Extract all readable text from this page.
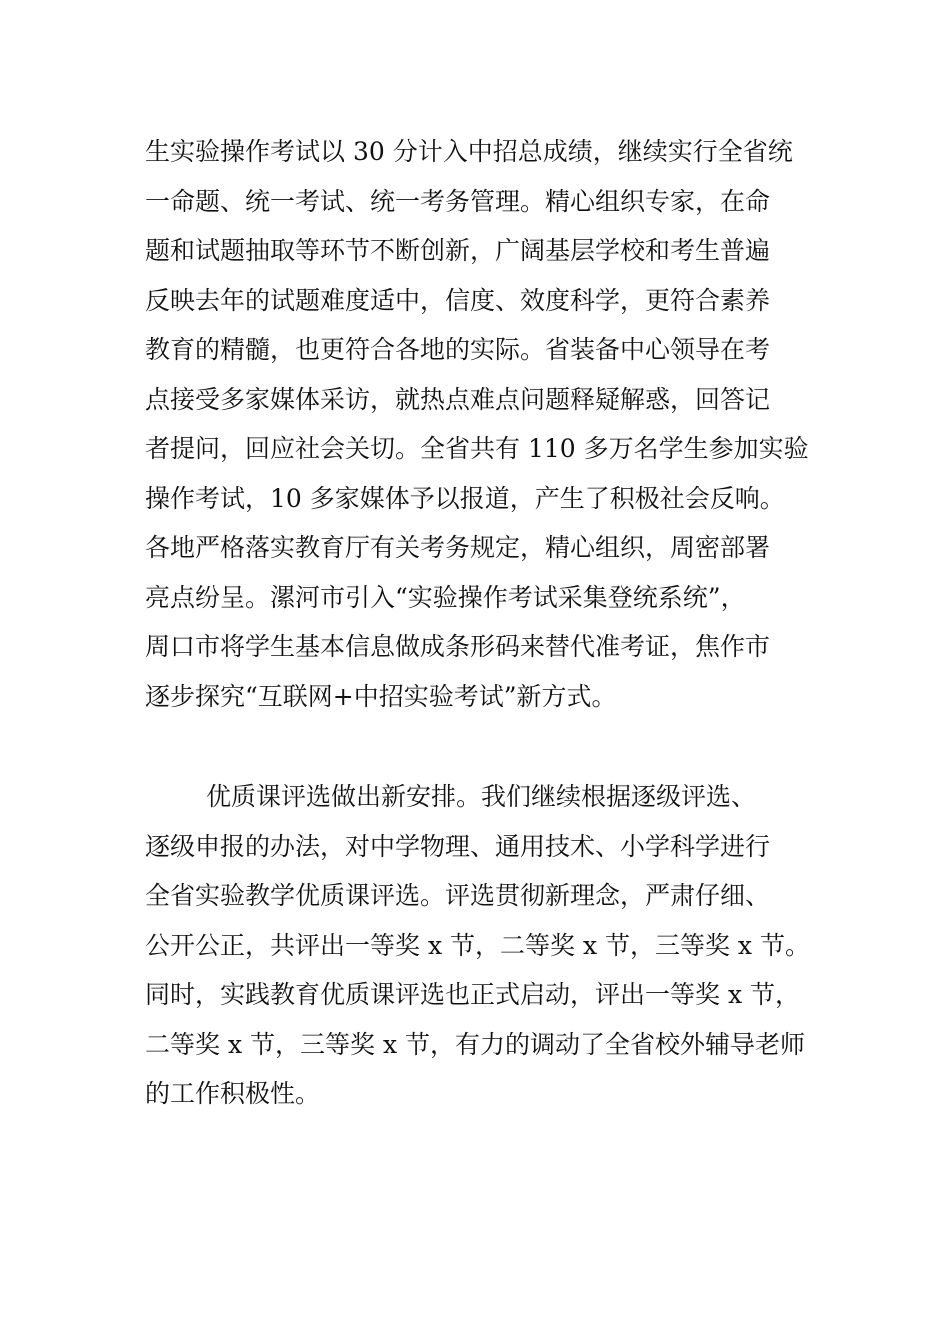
生实验操作考试以 30 分计入中招总成绩，继续实行全省统
一命题、统一考试、统一考务管理。精心组织专家，在命
题和试题抽取等环节不断创新，广阔基层学校和考生普遍
反映去年的试题难度适中，信度、效度科学，更符合素养
教育的精髓，也更符合各地的实际。省装备中心领导在考
点接受多家媒体采访，就热点难点问题释疑解惑，回答记
者提问，回应社会关切。全省共有 110 多万名学生参加实验
操作考试，10 多家媒体予以报道，产生了积极社会反响。
各地严格落实教育厅有关考务规定，精心组织，周密部署
亮点纷呈。漯河市引入“实验操作考试采集登统系统”，
周口市将学生基本信息做成条形码来替代准考证，焦作市
逐步探究“互联网+中招实验考试”新方式。
优质课评选做出新安排。我们继续根据逐级评选、
逐级申报的办法，对中学物理、通用技术、小学科学进行
全省实验教学优质课评选。评选贯彻新理念，严肃仔细、
公开公正，共评出一等奖 x 节，二等奖 x 节，三等奖 x 节。
同时，实践教育优质课评选也正式启动，评出一等奖 x 节，
二等奖 x 节，三等奖 x 节，有力的调动了全省校外辅导老师
的工作积极性。
